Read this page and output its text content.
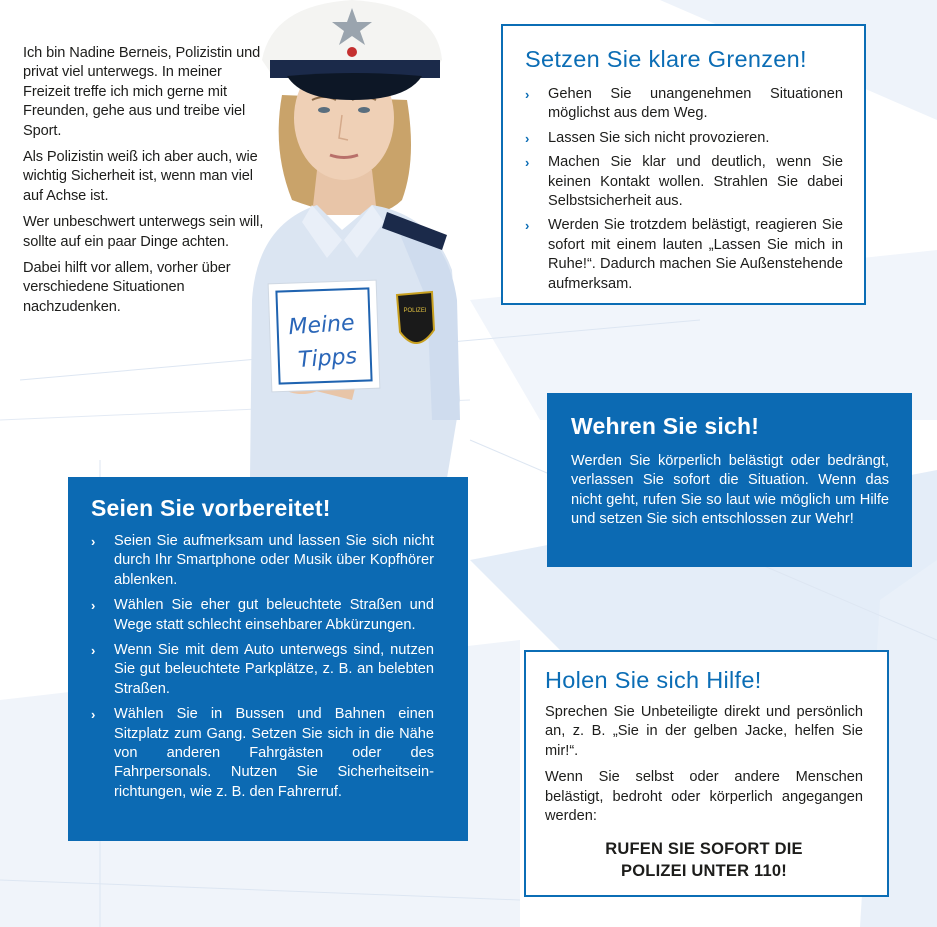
Ich bin Nadine Berneis, Polizistin und privat viel unterwegs. In meiner Freizeit treffe ich mich gerne mit Freunden, gehe aus und treibe viel Sport.

Als Polizistin weiß ich aber auch, wie wichtig Sicherheit ist, wenn man viel auf Achse ist.

Wer unbeschwert unterwegs sein will, sollte auf ein paar Dinge achten.

Dabei hilft vor allem, vorher über verschiedene Situationen nachzudenken.	POLIZEI
Meine
Tipps
Setzen Sie klare Grenzen!
› Gehen Sie unangenehmen Situationen möglichst aus dem Weg.
› Lassen Sie sich nicht provozieren.
› Machen Sie klar und deutlich, wenn Sie keinen Kontakt wollen. Strahlen Sie dabei Selbstsicherheit aus.
› Werden Sie trotzdem belästigt, reagieren Sie sofort mit einem lauten „Lassen Sie mich in Ruhe!“. Dadurch machen Sie Außenstehende aufmerksam.
Wehren Sie sich!

Werden Sie körperlich belästigt oder bedrängt, verlassen Sie sofort die Situation. Wenn das nicht geht, rufen Sie so laut wie möglich um Hilfe und setzen Sie sich entschlossen zur Wehr!

Seien Sie vorbereitet!
› Seien Sie aufmerksam und lassen Sie sich nicht durch Ihr Smartphone oder Musik über Kopfhörer ablenken.
› Wählen Sie eher gut beleuchtete Straßen und Wege statt schlecht einsehbarer Abkürzungen.
› Wenn Sie mit dem Auto unterwegs sind, nutzen Sie gut beleuchtete Parkplätze, z. B. an belebten Straßen.
› Wählen Sie in Bussen und Bahnen einen Sitzplatz zum Gang. Setzen Sie sich in die Nähe von anderen Fahrgästen oder des Fahrpersonals. Nutzen Sie Sicherheitseinrichtungen, wie z. B. den Fahrerruf.
Holen Sie sich Hilfe!

Sprechen Sie Unbeteiligte direkt und persönlich an, z. B. „Sie in der gelben Jacke, helfen Sie mir!“.

Wenn Sie selbst oder andere Menschen belästigt, bedroht oder körperlich angegangen werden:

RUFEN SIE SOFORT DIE
POLIZEI UNTER 110!
